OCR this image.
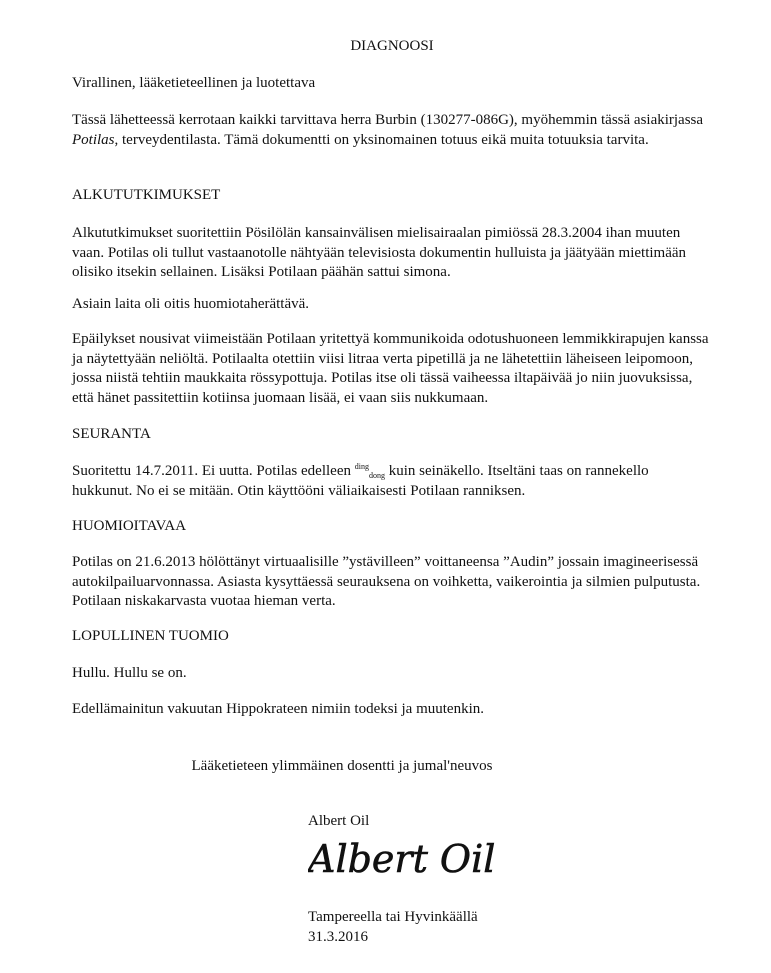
DIAGNOOSI

Virallinen, lääketieteellinen ja luotettava

Tässä lähetteessä kerrotaan kaikki tarvittava herra Burbin (130277-086G), myöhemmin tässä asiakirjassa Potilas, terveydentilasta. Tämä dokumentti on yksinomainen totuus eikä muita totuuksia tarvita.

ALKUTUTKIMUKSET

Alkututkimukset suoritettiin Pösilölän kansainvälisen mielisairaalan pimiössä 28.3.2004 ihan muuten vaan. Potilas oli tullut vastaanotolle nähtyään televisiosta dokumentin hulluista ja jäätyään miettimään olisiko itsekin sellainen. Lisäksi Potilaan päähän sattui simona.

Asiain laita oli oitis huomiotaherättävä.

Epäilykset nousivat viimeistään Potilaan yritettyä kommunikoida odotushuoneen lemmikkirapujen kanssa ja näytettyään neliöltä. Potilaalta otettiin viisi litraa verta pipetillä ja ne lähetettiin läheiseen leipomoon, jossa niistä tehtiin maukkaita rössypottuja. Potilas itse oli tässä vaiheessa iltapäivää jo niin juovuksissa, että hänet passitettiin kotiinsa juomaan lisää, ei vaan siis nukkumaan.

SEURANTA

Suoritettu 14.7.2011. Ei uutta. Potilas edelleen $^{ding}_{dong}$ kuin seinäkello. Itseltäni taas on rannekello hukkunut. No ei se mitään. Otin käyttööni väliaikaisesti Potilaan ranniksen.

HUOMIOITAVAA

Potilas on 21.6.2013 hölöttänyt virtuaalisille ”ystävilleen” voittaneensa ”Audin” jossain imagineerisessä autokilpailuarvonnassa. Asiasta kysyttäessä seurauksena on voihketta, vaikerointia ja silmien pulputusta. Potilaan niskakarvasta vuotaa hieman verta.

LOPULLINEN TUOMIO

Hullu. Hullu se on.

Edellämainitun vakuutan Hippokrateen nimiin todeksi ja muutenkin.

Lääketieteen ylimmäinen dosentti ja jumal'neuvos

Albert Oil

Albert Oil

Tampereella tai Hyvinkäällä

31.3.2016
